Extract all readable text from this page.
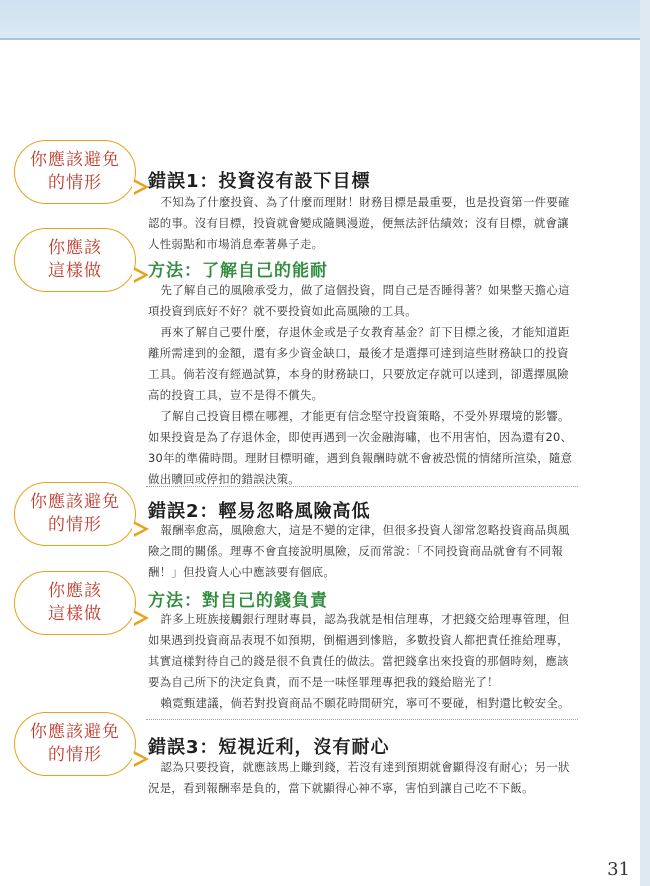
你應該避免
的情形	錯誤1：投資沒有設下目標

不知為了什麼投資、為了什麼而理財！財務目標是最重要，也是投資第一件要確認的事。沒有目標，投資就會變成隨興漫遊，便無法評估績效；沒有目標，就會讓人性弱點和市場消息牽著鼻子走。

你應該
這樣做	方法：了解自己的能耐

先了解自己的風險承受力，做了這個投資，問自己是否睡得著？如果整天擔心這項投資到底好不好？就不要投資如此高風險的工具。

再來了解自己要什麼，存退休金或是子女教育基金？訂下目標之後，才能知道距離所需達到的金額，還有多少資金缺口，最後才是選擇可達到這些財務缺口的投資工具。倘若沒有經過試算，本身的財務缺口，只要放定存就可以達到，卻選擇風險高的投資工具，豈不是得不償失。

了解自己投資目標在哪裡，才能更有信念堅守投資策略，不受外界環境的影響。如果投資是為了存退休金，即使再遇到一次金融海嘯，也不用害怕，因為還有20、30年的準備時間。理財目標明確，遇到負報酬時就不會被恐慌的情緒所渲染，隨意做出贖回或停扣的錯誤決策。

你應該避免
的情形
錯誤2：輕易忽略風險高低

報酬率愈高，風險愈大，這是不變的定律，但很多投資人卻常忽略投資商品與風險之間的關係。理專不會直接說明風險，反而常說：「不同投資商品就會有不同報酬！」但投資人心中應該要有個底。

你應該
這樣做
方法：對自己的錢負責

許多上班族接觸銀行理財專員，認為我就是相信理專，才把錢交給理專管理，但如果遇到投資商品表現不如預期，倒楣遇到慘賠，多數投資人都把責任推給理專，其實這樣對待自己的錢是很不負責任的做法。當把錢拿出來投資的那個時刻，應該要為自己所下的決定負責，而不是一味怪罪理專把我的錢給賠光了！

賴霓甄建議，倘若對投資商品不願花時間研究，寧可不要碰，相對還比較安全。

你應該避免
的情形	錯誤3：短視近利，沒有耐心

認為只要投資，就應該馬上賺到錢，若沒有達到預期就會顯得沒有耐心；另一狀況是，看到報酬率是負的，當下就顯得心神不寧，害怕到讓自己吃不下飯。

31
